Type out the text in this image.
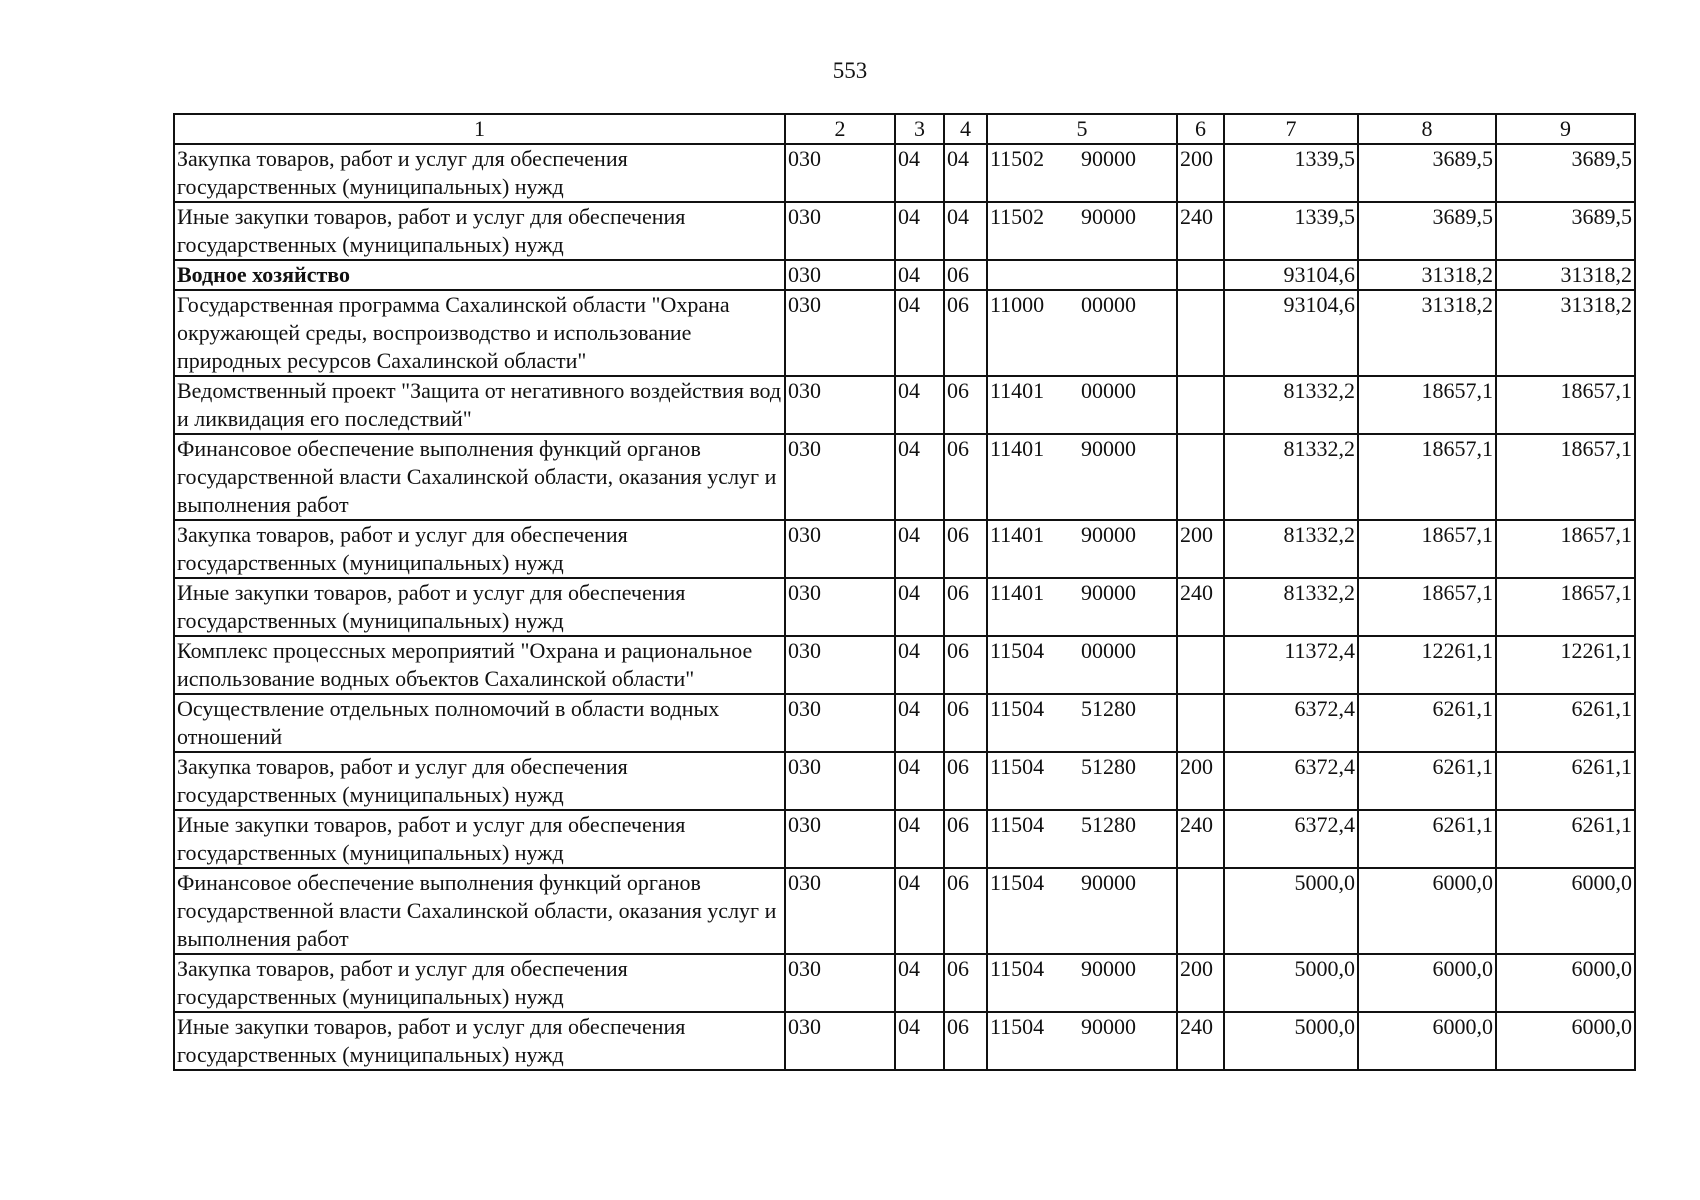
553
1	2	3	4	5	6	7	8	9
Закупка товаров, работ и услуг для обеспечения государственных (муниципальных) нужд	030	04	04	11502 90000	200	1339,5	3689,5	3689,5
Иные закупки товаров, работ и услуг для обеспечения государственных (муниципальных) нужд	030	04	04	11502 90000	240	1339,5	3689,5	3689,5
Водное хозяйство	030	04	06			93104,6	31318,2	31318,2
Государственная программа Сахалинской области "Охрана окружающей среды, воспроизводство и использование природных ресурсов Сахалинской области"	030	04	06	11000 00000		93104,6	31318,2	31318,2
Ведомственный проект "Защита от негативного воздействия вод и ликвидация его последствий"	030	04	06	11401 00000		81332,2	18657,1	18657,1
Финансовое обеспечение выполнения функций органов государственной власти Сахалинской области, оказания услуг и выполнения работ	030	04	06	11401 90000		81332,2	18657,1	18657,1
Закупка товаров, работ и услуг для обеспечения государственных (муниципальных) нужд	030	04	06	11401 90000	200	81332,2	18657,1	18657,1
Иные закупки товаров, работ и услуг для обеспечения государственных (муниципальных) нужд	030	04	06	11401 90000	240	81332,2	18657,1	18657,1
Комплекс процессных мероприятий "Охрана и рациональное использование водных объектов Сахалинской области"	030	04	06	11504 00000		11372,4	12261,1	12261,1
Осуществление отдельных полномочий в области водных отношений	030	04	06	11504 51280		6372,4	6261,1	6261,1
Закупка товаров, работ и услуг для обеспечения государственных (муниципальных) нужд	030	04	06	11504 51280	200	6372,4	6261,1	6261,1
Иные закупки товаров, работ и услуг для обеспечения государственных (муниципальных) нужд	030	04	06	11504 51280	240	6372,4	6261,1	6261,1
Финансовое обеспечение выполнения функций органов государственной власти Сахалинской области, оказания услуг и выполнения работ	030	04	06	11504 90000		5000,0	6000,0	6000,0
Закупка товаров, работ и услуг для обеспечения государственных (муниципальных) нужд	030	04	06	11504 90000	200	5000,0	6000,0	6000,0
Иные закупки товаров, работ и услуг для обеспечения государственных (муниципальных) нужд	030	04	06	11504 90000	240	5000,0	6000,0	6000,0
